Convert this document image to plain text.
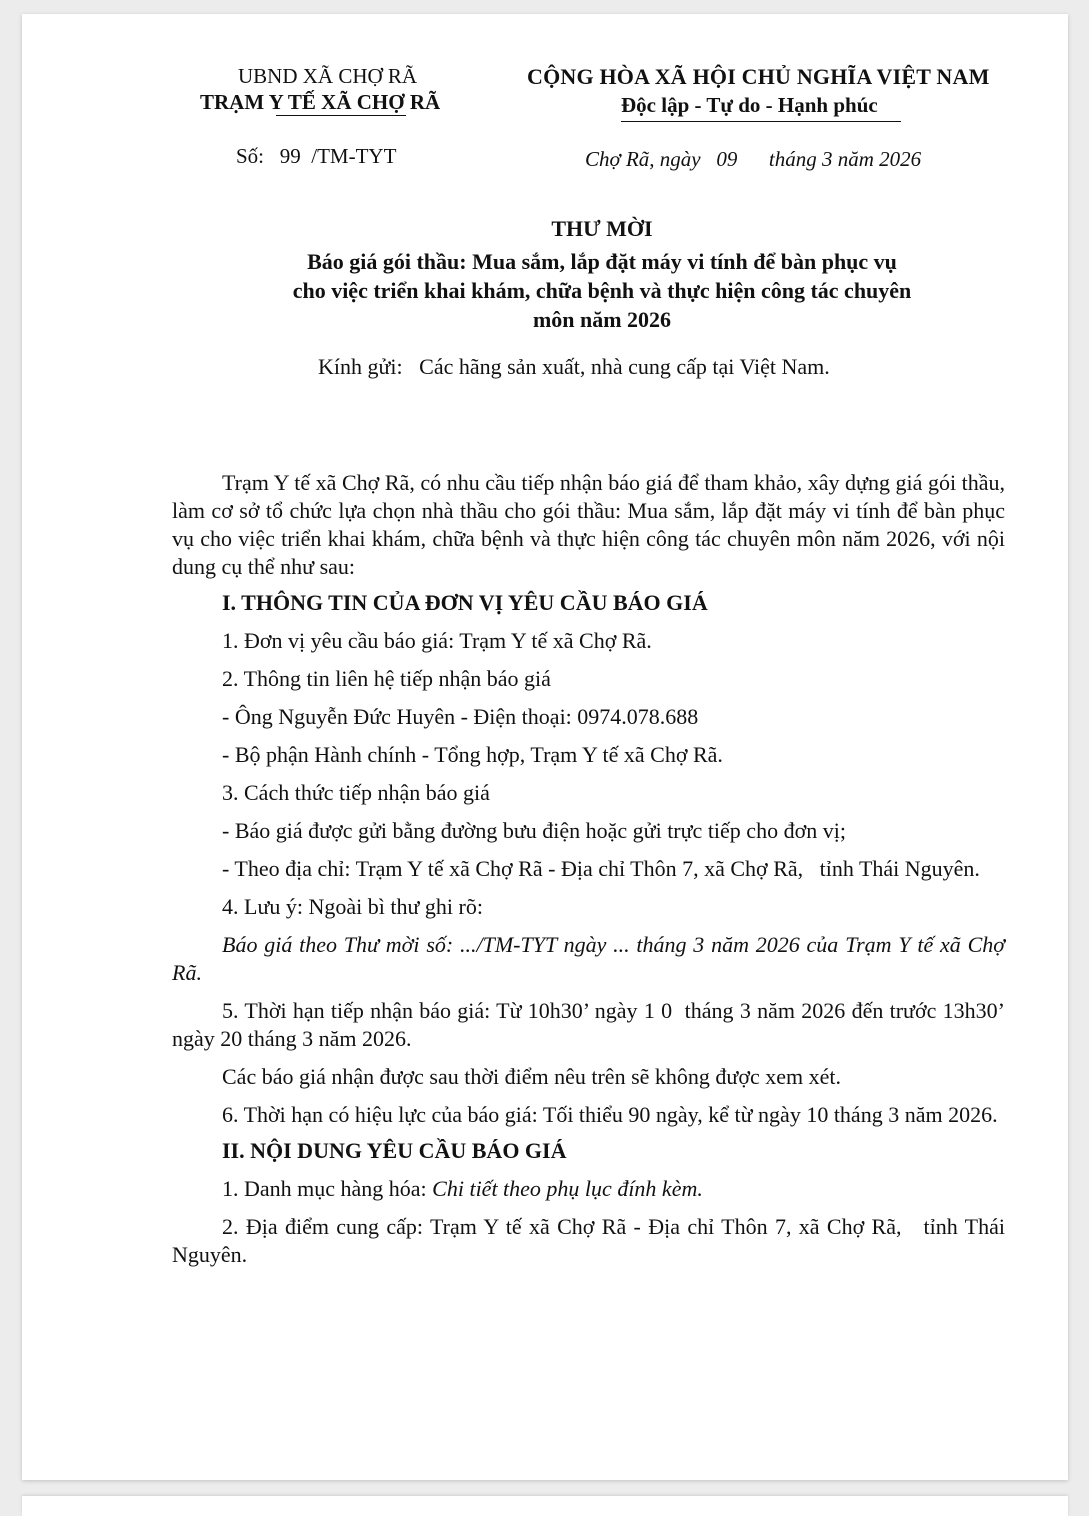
UBND XÃ CHỢ RÃ
TRẠM Y TẾ XÃ CHỢ RÃ
CỘNG HÒA XÃ HỘI CHỦ NGHĨA VIỆT NAM
Độc lập - Tự do - Hạnh phúc
Số:   99  /TM-TYT	Chợ Rã, ngày   09      tháng 3 năm 2026
THƯ MỜI
Báo giá gói thầu: Mua sắm, lắp đặt máy vi tính để bàn phục vụ
cho việc triển khai khám, chữa bệnh và thực hiện công tác chuyên
môn năm 2026
Kính gửi:   Các hãng sản xuất, nhà cung cấp tại Việt Nam.

Trạm Y tế xã Chợ Rã, có nhu cầu tiếp nhận báo giá để tham khảo, xây dựng giá gói thầu, làm cơ sở tổ chức lựa chọn nhà thầu cho gói thầu: Mua sắm, lắp đặt máy vi tính để bàn phục vụ cho việc triển khai khám, chữa bệnh và thực hiện công tác chuyên môn năm 2026, với nội dung cụ thể như sau:

I. THÔNG TIN CỦA ĐƠN VỊ YÊU CẦU BÁO GIÁ

1. Đơn vị yêu cầu báo giá: Trạm Y tế xã Chợ Rã.

2. Thông tin liên hệ tiếp nhận báo giá

- Ông Nguyễn Đức Huyên - Điện thoại: 0974.078.688

- Bộ phận Hành chính - Tổng hợp, Trạm Y tế xã Chợ Rã.

3. Cách thức tiếp nhận báo giá

- Báo giá được gửi bằng đường bưu điện hoặc gửi trực tiếp cho đơn vị;

- Theo địa chỉ: Trạm Y tế xã Chợ Rã - Địa chỉ Thôn 7, xã Chợ Rã,   tỉnh Thái Nguyên.

4. Lưu ý: Ngoài bì thư ghi rõ:

Báo giá theo Thư mời số: .../TM-TYT ngày ... tháng 3 năm 2026 của Trạm Y tế xã Chợ Rã.

5. Thời hạn tiếp nhận báo giá: Từ 10h30’ ngày 1 0  tháng 3 năm 2026 đến trước 13h30’ ngày 20 tháng 3 năm 2026.

Các báo giá nhận được sau thời điểm nêu trên sẽ không được xem xét.

6. Thời hạn có hiệu lực của báo giá: Tối thiểu 90 ngày, kể từ ngày 10 tháng 3 năm 2026.

II. NỘI DUNG YÊU CẦU BÁO GIÁ

1. Danh mục hàng hóa: Chi tiết theo phụ lục đính kèm.

2. Địa điểm cung cấp: Trạm Y tế xã Chợ Rã - Địa chỉ Thôn 7, xã Chợ Rã,   tỉnh Thái Nguyên.
